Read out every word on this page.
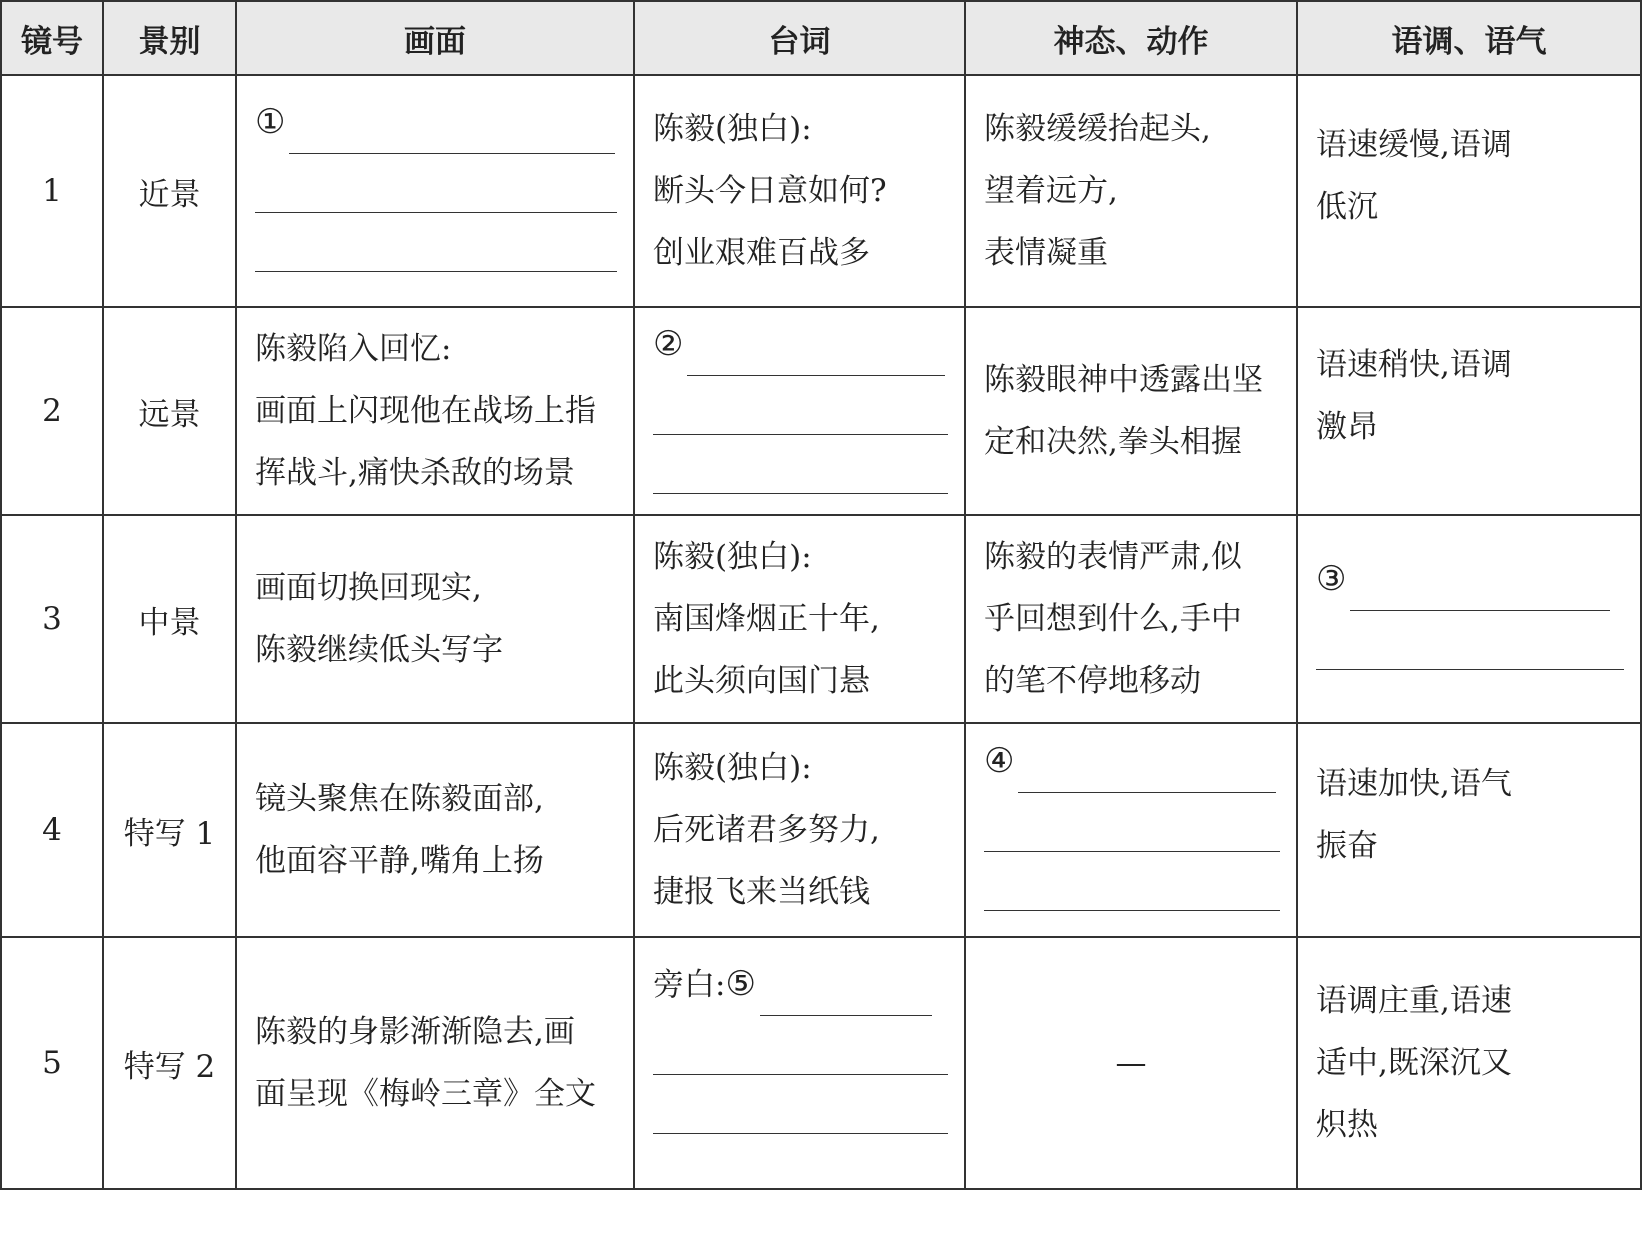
镜号	景别	画面	台词	神态、动作	语调、语气
1	近景	①	陈毅(独白):
断头今日意如何?
创业艰难百战多	陈毅缓缓抬起头,
望着远方,
表情凝重	语速缓慢,语调
低沉

2	远景	陈毅陷入回忆:
画面上闪现他在战场上指
挥战斗,痛快杀敌的场景	②	陈毅眼神中透露出坚
定和决然,拳头相握	语速稍快,语调
激昂

3	中景	画面切换回现实,
陈毅继续低头写字	陈毅(独白):
南国烽烟正十年,
此头须向国门悬	陈毅的表情严肃,似
乎回想到什么,手中
的笔不停地移动	③

4	特写 1	镜头聚焦在陈毅面部,
他面容平静,嘴角上扬	陈毅(独白):
后死诸君多努力,
捷报飞来当纸钱	④	语速加快,语气
振奋

5	特写 2	陈毅的身影渐渐隐去,画
面呈现《梅岭三章》全文	旁白:⑤	—	语调庄重,语速
适中,既深沉又
炽热
